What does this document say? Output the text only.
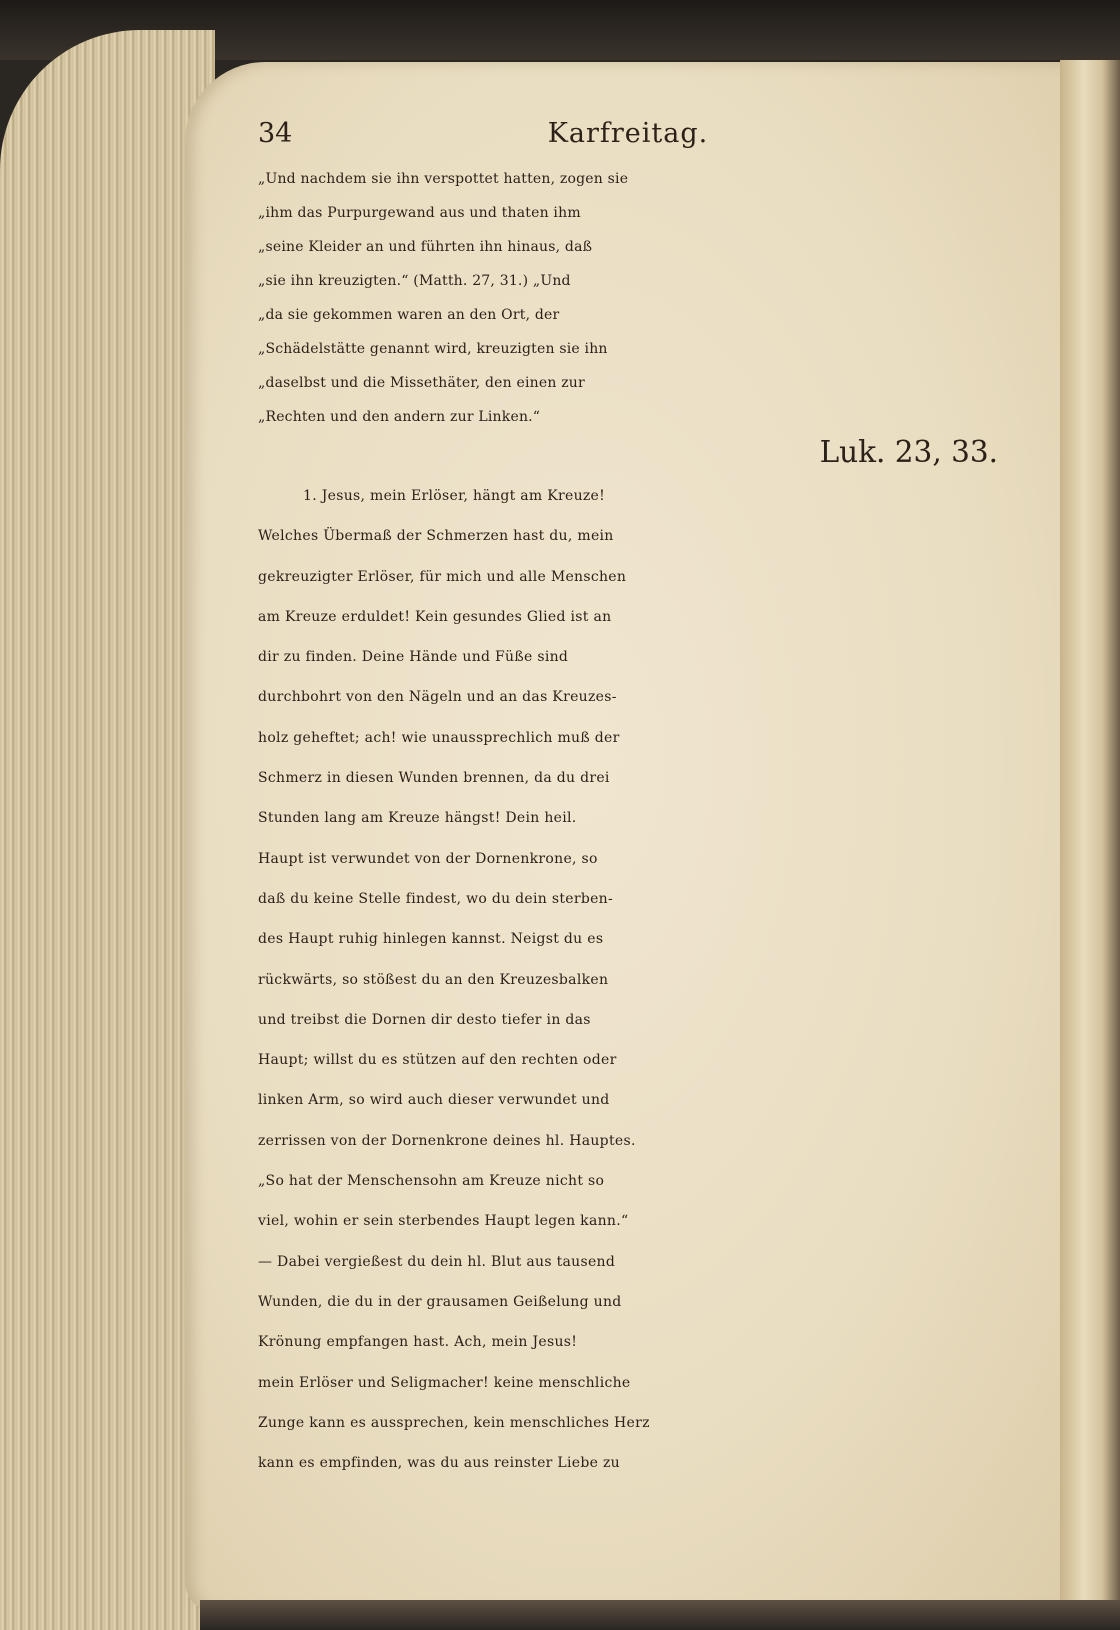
34	Karfreitag.
„Und nachdem sie ihn verspottet hatten, zogen sie
„ihm das Purpurgewand aus und thaten ihm
„seine Kleider an und führten ihn hinaus, daß
„sie ihn kreuzigten.“ (Matth. 27, 31.) „Und
„da sie gekommen waren an den Ort, der
„Schädelstätte genannt wird, kreuzigten sie ihn
„daselbst und die Missethäter, den einen zur
„Rechten und den andern zur Linken.“
Luk. 23, 33.
1. Jesus, mein Erlöser, hängt am Kreuze!
Welches Übermaß der Schmerzen hast du, mein
gekreuzigter Erlöser, für mich und alle Menschen
am Kreuze erduldet! Kein gesundes Glied ist an
dir zu finden. Deine Hände und Füße sind
durchbohrt von den Nägeln und an das Kreuzes-
holz geheftet; ach! wie unaussprechlich muß der
Schmerz in diesen Wunden brennen, da du drei
Stunden lang am Kreuze hängst! Dein heil.
Haupt ist verwundet von der Dornenkrone, so
daß du keine Stelle findest, wo du dein sterben-
des Haupt ruhig hinlegen kannst. Neigst du es
rückwärts, so stößest du an den Kreuzesbalken
und treibst die Dornen dir desto tiefer in das
Haupt; willst du es stützen auf den rechten oder
linken Arm, so wird auch dieser verwundet und
zerrissen von der Dornenkrone deines hl. Hauptes.
„So hat der Menschensohn am Kreuze nicht so
viel, wohin er sein sterbendes Haupt legen kann.“
— Dabei vergießest du dein hl. Blut aus tausend
Wunden, die du in der grausamen Geißelung und
Krönung empfangen hast. Ach, mein Jesus!
mein Erlöser und Seligmacher! keine menschliche
Zunge kann es aussprechen, kein menschliches Herz
kann es empfinden, was du aus reinster Liebe zu
